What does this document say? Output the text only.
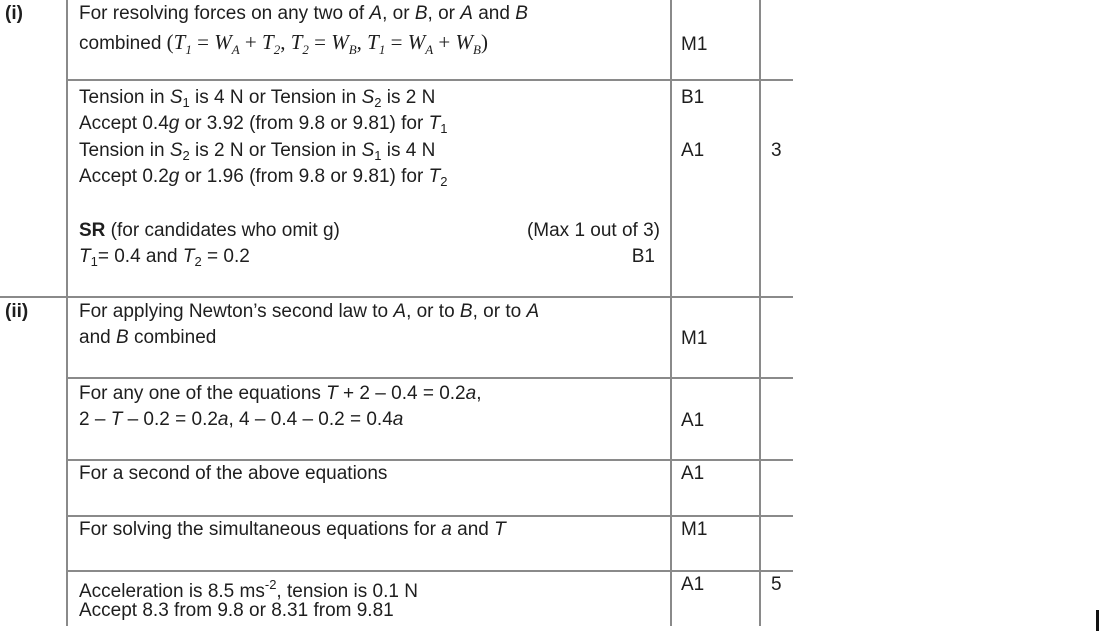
(i)
(ii)
For resolving forces on any two of A, or B, or A and B
combined ($T_1 = W_A + T_2$, $T_2 = W_B$, $T_1 = W_A + W_B$)
Tension in $S_1$ is 4 N or Tension in $S_2$ is 2 N
Accept 0.4g or 3.92 (from 9.8 or 9.81) for $T_1$
Tension in $S_2$ is 2 N or Tension in $S_1$ is 4 N
Accept 0.2g or 1.96 (from 9.8 or 9.81) for $T_2$
SR (for candidates who omit g)
$T_1= 0.4$ and $T_2 = 0.2$
(Max 1 out of 3)
B1
For applying Newton’s second law to A, or to B, or to A
and B combined
For any one of the equations T + 2 – 0.4 = 0.2a,
2 – T – 0.2 = 0.2a, 4 – 0.4 – 0.2 = 0.4a
For a second of the above equations
For solving the simultaneous equations for a and T
Acceleration is 8.5 $ms^{-2}$, tension is 0.1 N
Accept 8.3 from 9.8 or 8.31 from 9.81
M1
B1
A1	3
M1
A1
A1
M1
A1	5
